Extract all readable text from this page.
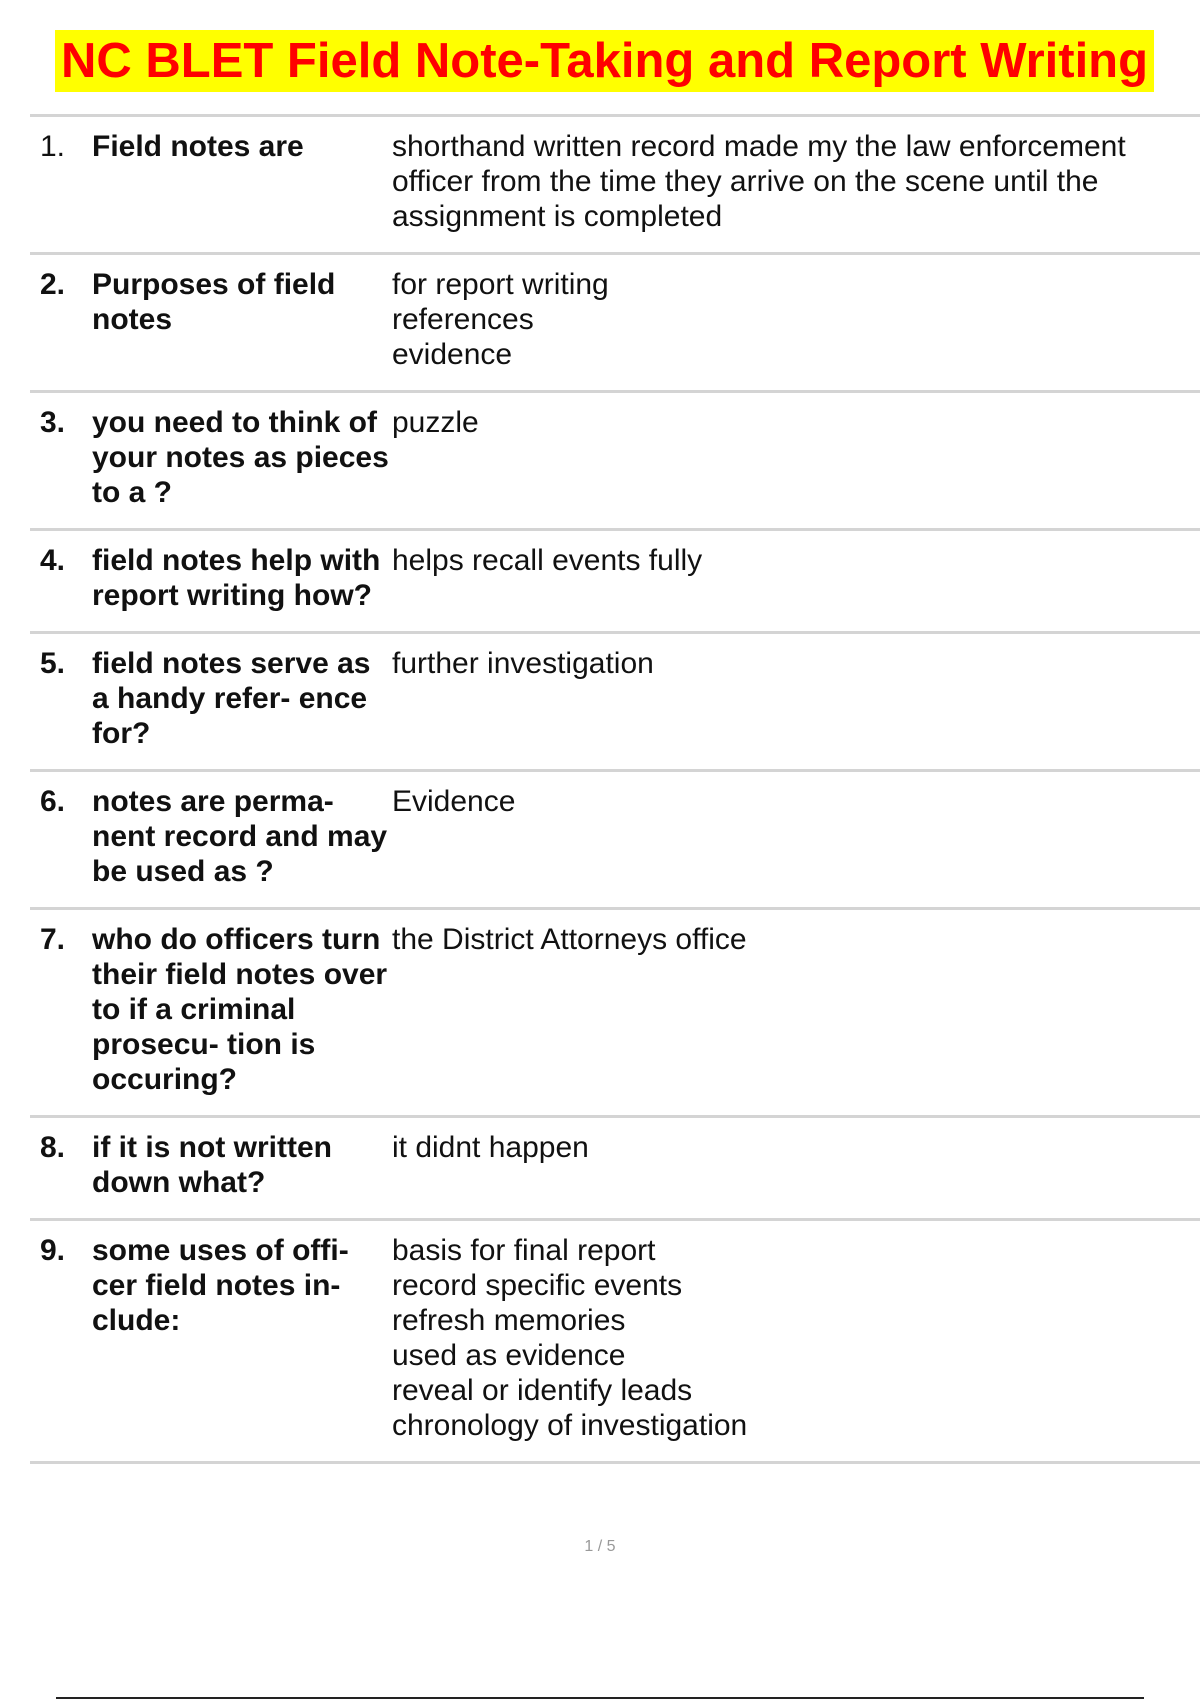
NC BLET Field Note-Taking and Report Writing
1. Field notes are	shorthand written record made my the law enforcement officer from the time they arrive on the scene until the assignment is completed
2. Purposes of field notes
for report writing
references
evidence
3. you need to think of your notes as pieces to a ?
puzzle
4. field notes help with report writing how?
helps recall events fully
5. field notes serve as a handy refer- ence for?
further investigation
6. notes are perma- nent record and may be used as ?
Evidence
7. who do officers turn their field notes over to if a criminal prosecu- tion is occuring?
the District Attorneys office
8. if it is not written down what?
it didnt happen
9. some uses of offi- cer field notes in- clude:
basis for final report
record specific events
refresh memories
used as evidence
reveal or identify leads
chronology of investigation
1 / 5
